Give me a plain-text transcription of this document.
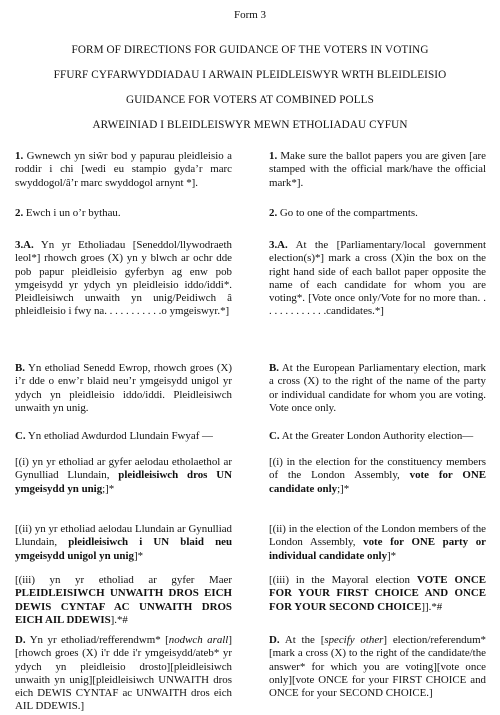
Form 3
FORM OF DIRECTIONS FOR GUIDANCE OF THE VOTERS IN VOTING
FFURF CYFARWYDDIADAU I ARWAIN PLEIDLEISWYR WRTH BLEIDLEISIO
GUIDANCE FOR VOTERS AT COMBINED POLLS
ARWEINIAD I BLEIDLEISWYR MEWN ETHOLIADAU CYFUN

1. Gwnewch yn siŵr bod y papurau pleidleisio a roddir i chi [wedi eu stampio gyda’r marc swyddogol/â’r marc swyddogol arnynt *].

2. Ewch i un o’r bythau.

3.A. Yn yr Etholiadau [Seneddol/llywodraeth leol*] rhowch groes (X) yn y blwch ar ochr dde pob papur pleidleisio gyferbyn ag enw pob ymgeisydd yr ydych yn pleidleisio iddo/iddi*. Pleidleisiwch unwaith yn unig/Peidiwch â phleidleisio i fwy na. . . . . . . . . . .o ymgeiswyr.*]

B. Yn etholiad Senedd Ewrop, rhowch groes (X) i’r dde o enw’r blaid neu’r ymgeisydd unigol yr ydych yn pleidleisio iddo/iddi. Pleidleisiwch unwaith yn unig.

C. Yn etholiad Awdurdod Llundain Fwyaf —

[(i) yn yr etholiad ar gyfer aelodau etholaethol ar Gynulliad Llundain, pleidleisiwch dros UN ymgeisydd yn unig;]*

[(ii) yn yr etholiad aelodau Llundain ar Gynulliad Llundain, pleidleisiwch i UN blaid neu ymgeisydd unigol yn unig]*

[(iii) yn yr etholiad ar gyfer Maer PLEIDLEISIWCH UNWAITH DROS EICH DEWIS CYNTAF AC UNWAITH DROS EICH AIL DDEWIS].*#

D. Yn yr etholiad/refferendwm* [nodwch arall] [rhowch groes (X) i'r dde i'r ymgeisydd/ateb* yr ydych yn pleidleisio drosto][pleidleisiwch unwaith yn unig][pleidleisiwch UNWAITH dros eich DEWIS CYNTAF ac UNWAITH dros eich AIL DDEWIS.]

1. Make sure the ballot papers you are given [are stamped with the official mark/have the official mark*].

2. Go to one of the compartments.

3.A. At the [Parliamentary/local government election(s)*] mark a cross (X)in the box on the right hand side of each ballot paper opposite the name of each candidate for whom you are voting*. [Vote once only/Vote for no more than. . . . . . . . . . . . .candidates.*]

B. At the European Parliamentary election, mark a cross (X) to the right of the name of the party or individual candidate for whom you are voting. Vote once only.

C. At the Greater London Authority election—

[(i) in the election for the constituency members of the London Assembly, vote for ONE candidate only;]*

[(ii) in the election of the London members of the London Assembly, vote for ONE party or individual candidate only]*

[(iii) in the Mayoral election VOTE ONCE FOR YOUR FIRST CHOICE AND ONCE FOR YOUR SECOND CHOICE]].*#

D. At the [specify other] election/referendum* [mark a cross (X) to the right of the candidate/the answer* for which you are voting][vote once only][vote ONCE for your FIRST CHOICE and ONCE for your SECOND CHOICE.]
